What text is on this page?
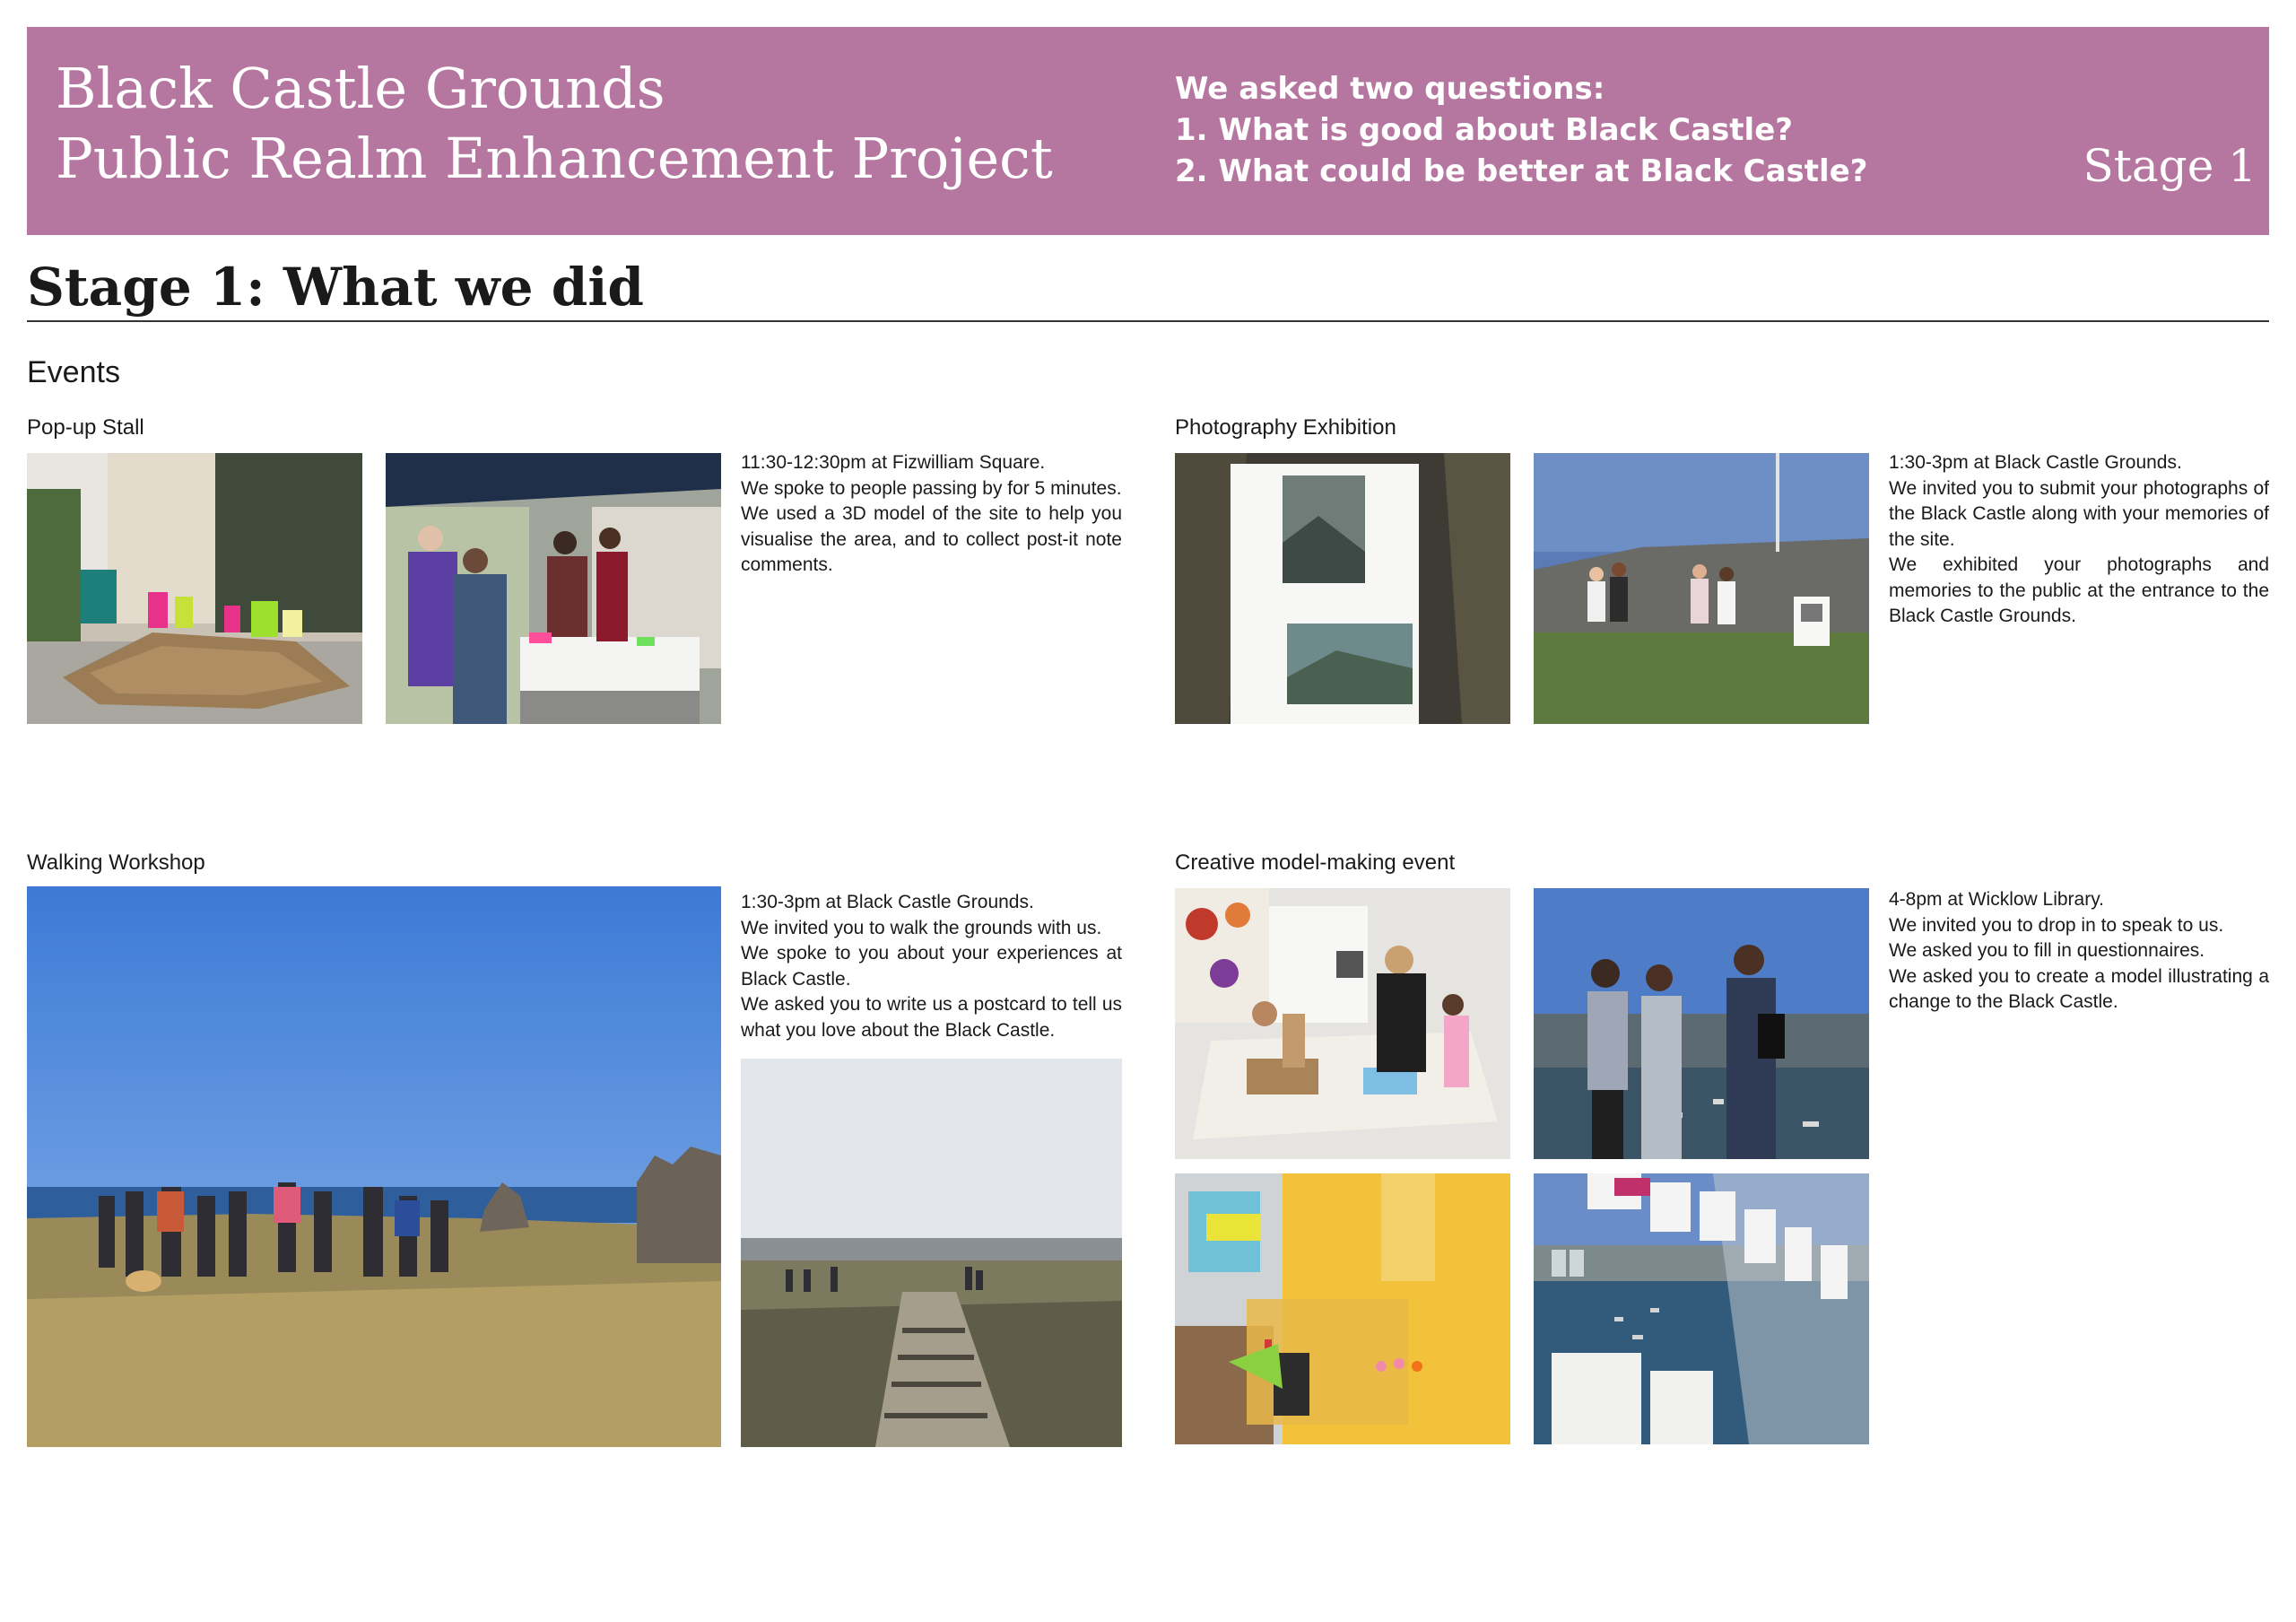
Black Castle Grounds
Public Realm Enhancement Project
We asked two questions:
1. What is good about Black Castle?
2. What could be better at Black Castle?	Stage 1
Stage 1: What we did
Events
Pop-up Stall
11:30-12:30pm at Fizwilliam Square.
We spoke to people passing by for 5 minutes.
We used a 3D model of the site to help you visualise the area, and to collect post-it note comments.
Photography Exhibition
1:30-3pm at Black Castle Grounds.
We invited you to submit your photographs of the Black Castle along with your memories of the site.
We exhibited your photographs and memories to the public at the entrance to the Black Castle Grounds.
Walking Workshop
1:30-3pm at Black Castle Grounds.
We invited you to walk the grounds with us.
We spoke to you about your experiences at Black Castle.
We asked you to write us a postcard to tell us what you love about the Black Castle.
Creative model-making event
4-8pm at Wicklow Library.
We invited you to drop in to speak to us.
We asked you to fill in questionnaires.
We asked you to create a model illustrating a change to the Black Castle.
